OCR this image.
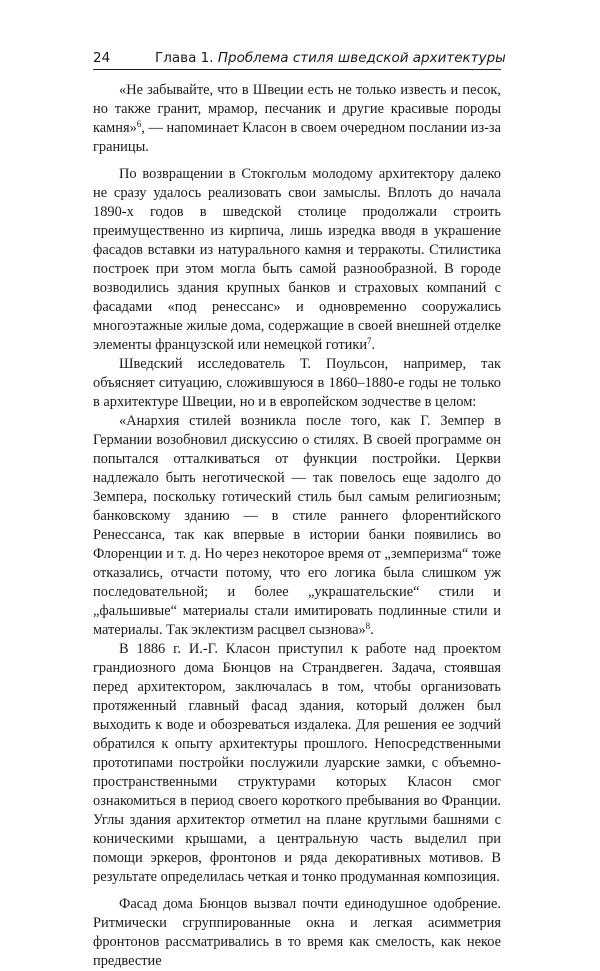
24	Глава 1. Проблема стиля шведской архитектуры

«Не забывайте, что в Швеции есть не только известь и песок, но также гранит, мрамор, песчаник и другие красивые породы камня»$^6$, — напоминает Класон в своем очередном послании из-за границы.

По возвращении в Стокгольм молодому архитектору далеко не сразу удалось реализовать свои замыслы. Вплоть до начала 1890-х годов в шведской столице продолжали строить преимущественно из кирпича, лишь изредка вводя в украшение фасадов вставки из натурального камня и терракоты. Стилистика построек при этом могла быть самой разнообразной. В городе возводились здания крупных банков и страховых компаний с фасадами «под ренессанс» и одновременно сооружались многоэтажные жилые дома, содержащие в своей внешней отделке элементы французской или немецкой готики$^7$.

Шведский исследователь Т. Поульсон, например, так объясняет ситуацию, сложившуюся в 1860–1880-е годы не только в архитектуре Швеции, но и в европейском зодчестве в целом:

«Анархия стилей возникла после того, как Г. Земпер в Германии возобновил дискуссию о стилях. В своей программе он попытался отталкиваться от функции постройки. Церкви надлежало быть неготической — так повелось еще задолго до Земпера, поскольку готический стиль был самым религиозным; банковскому зданию — в стиле раннего флорентийского Ренессанса, так как впервые в истории банки появились во Флоренции и т. д. Но через некоторое время от „земперизма“ тоже отказались, отчасти потому, что его логика была слишком уж последовательной; и более „украшательские“ стили и „фальшивые“ материалы стали имитировать подлинные стили и материалы. Так эклектизм расцвел сызнова»$^8$.

В 1886 г. И.-Г. Класон приступил к работе над проектом грандиозного дома Бюнцов на Страндвеген. Задача, стоявшая перед архитектором, заключалась в том, чтобы организовать протяженный главный фасад здания, который должен был выходить к воде и обозреваться издалека. Для решения ее зодчий обратился к опыту архитектуры прошлого. Непосредственными прототипами постройки послужили луарские замки, с объемно-пространственными структурами которых Класон смог ознакомиться в период своего короткого пребывания во Франции. Углы здания архитектор отметил на плане круглыми башнями с коническими крышами, а центральную часть выделил при помощи эркеров, фронтонов и ряда декоративных мотивов. В результате определилась четкая и тонко продуманная композиция.

Фасад дома Бюнцов вызвал почти единодушное одобрение. Ритмически сгруппированные окна и легкая асимметрия фронтонов рассматривались в то время как смелость, как некое предвестие
